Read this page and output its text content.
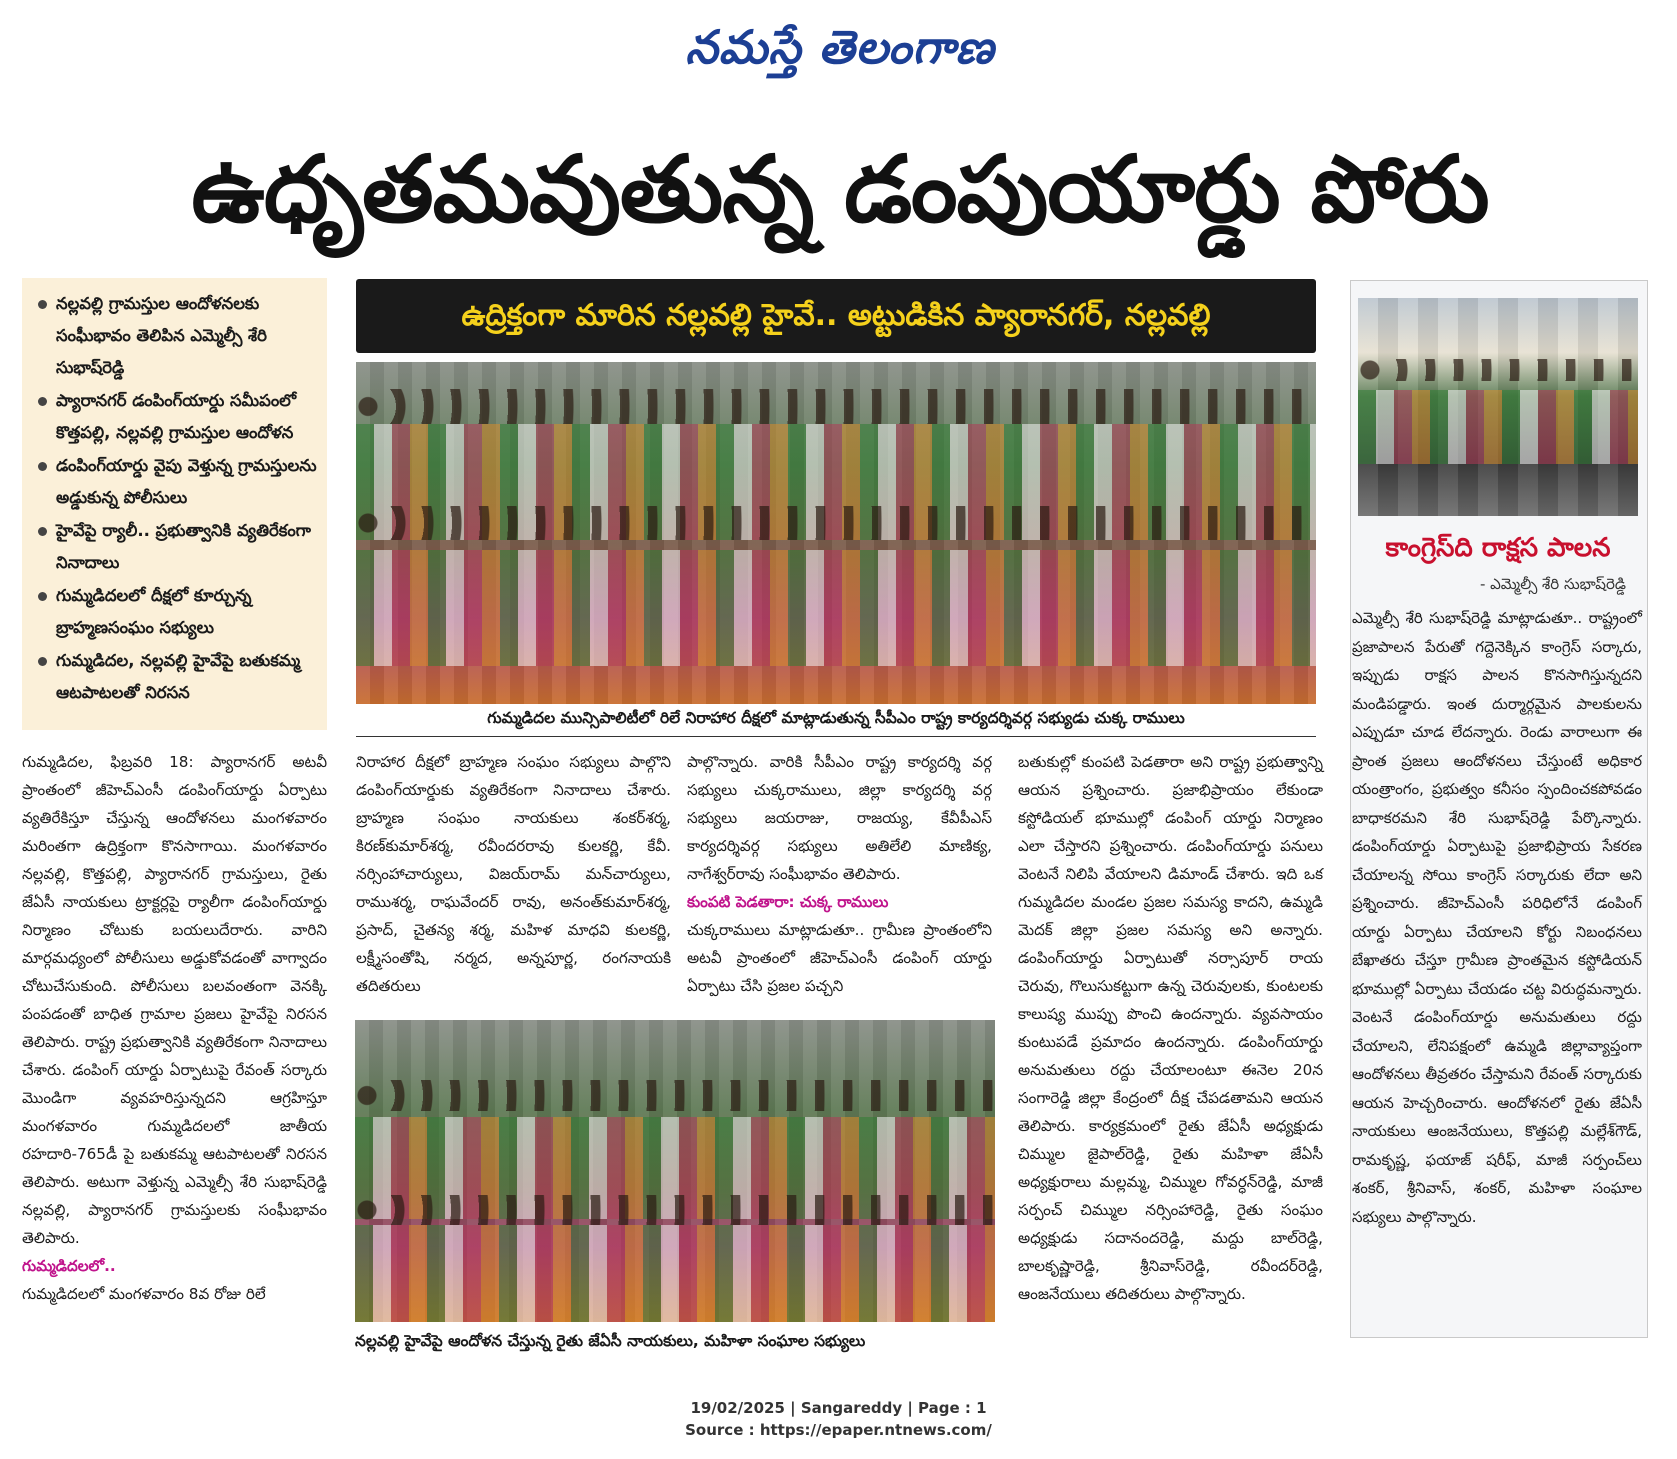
నమస్తే తెలంగాణ
ఉధృతమవుతున్న డంపుయార్డు పోరు
నల్లవల్లి గ్రామస్తుల ఆందోళనలకు సంఘీభావం తెలిపిన ఎమ్మెల్సీ శేరి సుభాష్‌రెడ్డి
ప్యారానగర్ డంపింగ్‌యార్డు సమీపంలో కొత్తపల్లి, నల్లవల్లి గ్రామస్తుల ఆందోళన
డంపింగ్‌యార్డు వైపు వెళ్తున్న గ్రామస్తులను అడ్డుకున్న పోలీసులు
హైవేపై ర్యాలీ.. ప్రభుత్వానికి వ్యతిరేకంగా నినాదాలు
గుమ్మడిదలలో దీక్షలో కూర్చున్న బ్రాహ్మణసంఘం సభ్యులు
గుమ్మడిదల, నల్లవల్లి హైవేపై బతుకమ్మ ఆటపాటలతో నిరసన
ఉద్రిక్తంగా మారిన నల్లవల్లి హైవే.. అట్టుడికిన ప్యారానగర్, నల్లవల్లి
గుమ్మడిదల మున్సిపాలిటీలో రిలే నిరాహార దీక్షలో మాట్లాడుతున్న సీపీఎం రాష్ట్ర కార్యదర్శివర్గ సభ్యుడు చుక్క రాములు
కాంగ్రెస్‌ది రాక్షస పాలన
- ఎమ్మెల్సీ శేరి సుభాష్‌రెడ్డి

ఎమ్మెల్సీ శేరి సుభాష్‌రెడ్డి మాట్లాడుతూ.. రాష్ట్రంలో ప్రజాపాలన పేరుతో గద్దెనెక్కిన కాంగ్రెస్ సర్కారు, ఇప్పుడు రాక్షస పాలన కొనసాగిస్తున్నదని మండిపడ్డారు. ఇంత దుర్మార్గమైన పాలకులను ఎప్పుడూ చూడ లేదన్నారు. రెండు వారాలుగా ఈ ప్రాంత ప్రజలు ఆందోళనలు చేస్తుంటే అధికార యంత్రాంగం, ప్రభుత్వం కనీసం స్పందించకపోవడం బాధాకరమని శేరి సుభాష్‌రెడ్డి పేర్కొన్నారు. డంపింగ్‌యార్డు ఏర్పాటుపై ప్రజాభిప్రాయ సేకరణ చేయాలన్న సోయి కాంగ్రెస్ సర్కారుకు లేదా అని ప్రశ్నించారు. జీహెచ్‌ఎంసీ పరిధిలోనే డంపింగ్ యార్డు ఏర్పాటు చేయాలని కోర్టు నిబంధనలు బేఖాతరు చేస్తూ గ్రామీణ ప్రాంతమైన కస్టోడియన్ భూముల్లో ఏర్పాటు చేయడం చట్ట విరుద్ధమన్నారు. వెంటనే డంపింగ్‌యార్డు అనుమతులు రద్దు చేయాలని, లేనిపక్షంలో ఉమ్మడి జిల్లావ్యాప్తంగా ఆందోళనలు తీవ్రతరం చేస్తామని రేవంత్ సర్కారుకు ఆయన హెచ్చరించారు. ఆందోళనలో రైతు జేఏసీ నాయకులు ఆంజనేయులు, కొత్తపల్లి మల్లేశ్‌గౌడ్, రామకృష్ణ, ఫయాజ్ షరీఫ్, మాజీ సర్పంచ్‌లు శంకర్, శ్రీనివాస్, శంకర్, మహిళా సంఘాల సభ్యులు పాల్గొన్నారు.

గుమ్మడిదల, ఫిబ్రవరి 18: ప్యారానగర్ అటవీ ప్రాంతంలో జీహెచ్‌ఎంసీ డంపింగ్‌యార్డు ఏర్పాటు వ్యతిరేకిస్తూ చేస్తున్న ఆందోళనలు మంగళవారం మరింతగా ఉద్రిక్తంగా కొనసాగాయి. మంగళవారం నల్లవల్లి, కొత్తపల్లి, ప్యారానగర్ గ్రామస్తులు, రైతు జేఏసీ నాయకులు ట్రాక్టర్లపై ర్యాలీగా డంపింగ్‌యార్డు నిర్మాణం చోటుకు బయలుదేరారు. వారిని మార్గమధ్యంలో పోలీసులు అడ్డుకోవడంతో వాగ్వాదం చోటుచేసుకుంది. పోలీసులు బలవంతంగా వెనక్కి పంపడంతో బాధిత గ్రామాల ప్రజలు హైవేపై నిరసన తెలిపారు. రాష్ట్ర ప్రభుత్వానికి వ్యతిరేకంగా నినాదాలు చేశారు. డంపింగ్ యార్డు ఏర్పాటుపై రేవంత్ సర్కారు మొండిగా వ్యవహరిస్తున్నదని ఆగ్రహిస్తూ మంగళవారం గుమ్మడిదలలో జాతీయ రహదారి-765డీ పై బతుకమ్మ ఆటపాటలతో నిరసన తెలిపారు. అటుగా వెళ్తున్న ఎమ్మెల్సీ శేరి సుభాష్‌రెడ్డి నల్లవల్లి, ప్యారానగర్ గ్రామస్తులకు సంఘీభావం తెలిపారు.

గుమ్మడిదలలో..

గుమ్మడిదలలో మంగళవారం 8వ రోజు రిలే

నిరాహార దీక్షలో బ్రాహ్మణ సంఘం సభ్యులు పాల్గొని డంపింగ్‌యార్డుకు వ్యతిరేకంగా నినాదాలు చేశారు. బ్రాహ్మణ సంఘం నాయకులు శంకర్‌శర్మ, కిరణ్‌కుమార్‌శర్మ, రవీందరరావు కులకర్ణి, కేవీ. నర్సింహాచార్యులు, విజయ్‌రామ్ మన్‌చార్యులు, రాముశర్మ, రాఘవేందర్ రావు, అనంత్‌కుమార్‌శర్మ, ప్రసాద్, చైతన్య శర్మ, మహిళ మాధవి కులకర్ణి, లక్ష్మీసంతోషి, నర్మద, అన్నపూర్ణ, రంగనాయకి తదితరులు

పాల్గొన్నారు. వారికి సీపీఎం రాష్ట్ర కార్యదర్శి వర్గ సభ్యులు చుక్కరాములు, జిల్లా కార్యదర్శి వర్గ సభ్యులు జయరాజు, రాజయ్య, కేవీపీఎస్ కార్యదర్శివర్గ సభ్యులు అతిలేలి మాణిక్య, నాగేశ్వర్‌రావు సంఘీభావం తెలిపారు.

కుంపటి పెడతారా: చుక్క రాములు

చుక్కరాములు మాట్లాడుతూ.. గ్రామీణ ప్రాంతంలోని అటవీ ప్రాంతంలో జీహెచ్‌ఎంసీ డంపింగ్ యార్డు ఏర్పాటు చేసి ప్రజల పచ్చని

బతుకుల్లో కుంపటి పెడతారా అని రాష్ట్ర ప్రభుత్వాన్ని ఆయన ప్రశ్నించారు. ప్రజాభిప్రాయం లేకుండా కస్టోడియల్ భూముల్లో డంపింగ్ యార్డు నిర్మాణం ఎలా చేస్తారని ప్రశ్నించారు. డంపింగ్‌యార్డు పనులు వెంటనే నిలిపి వేయాలని డిమాండ్ చేశారు. ఇది ఒక గుమ్మడిదల మండల ప్రజల సమస్య కాదని, ఉమ్మడి మెదక్ జిల్లా ప్రజల సమస్య అని అన్నారు. డంపింగ్‌యార్డు ఏర్పాటుతో నర్సాపూర్ రాయ చెరువు, గొలుసుకట్టుగా ఉన్న చెరువులకు, కుంటలకు కాలుష్య ముప్పు పొంచి ఉందన్నారు. వ్యవసాయం కుంటుపడే ప్రమాదం ఉందన్నారు. డంపింగ్‌యార్డు అనుమతులు రద్దు చేయాలంటూ ఈనెల 20న సంగారెడ్డి జిల్లా కేంద్రంలో దీక్ష చేపడతామని ఆయన తెలిపారు. కార్యక్రమంలో రైతు జేఏసీ అధ్యక్షుడు చిమ్ముల జైపాల్‌రెడ్డి, రైతు మహిళా జేఏసీ అధ్యక్షురాలు మల్లమ్మ, చిమ్ముల గోవర్ధన్‌రెడ్డి, మాజీ సర్పంచ్ చిమ్ముల నర్సింహారెడ్డి, రైతు సంఘం అధ్యక్షుడు సదానందరెడ్డి, మద్దు బాల్‌రెడ్డి, బాలకృష్ణారెడ్డి, శ్రీనివాస్‌రెడ్డి, రవీందర్‌రెడ్డి, ఆంజనేయులు తదితరులు పాల్గొన్నారు.

నల్లవల్లి హైవేపై ఆందోళన చేస్తున్న రైతు జేఏసీ నాయకులు, మహిళా సంఘాల సభ్యులు
19/02/2025 | Sangareddy | Page : 1
Source : https://epaper.ntnews.com/
